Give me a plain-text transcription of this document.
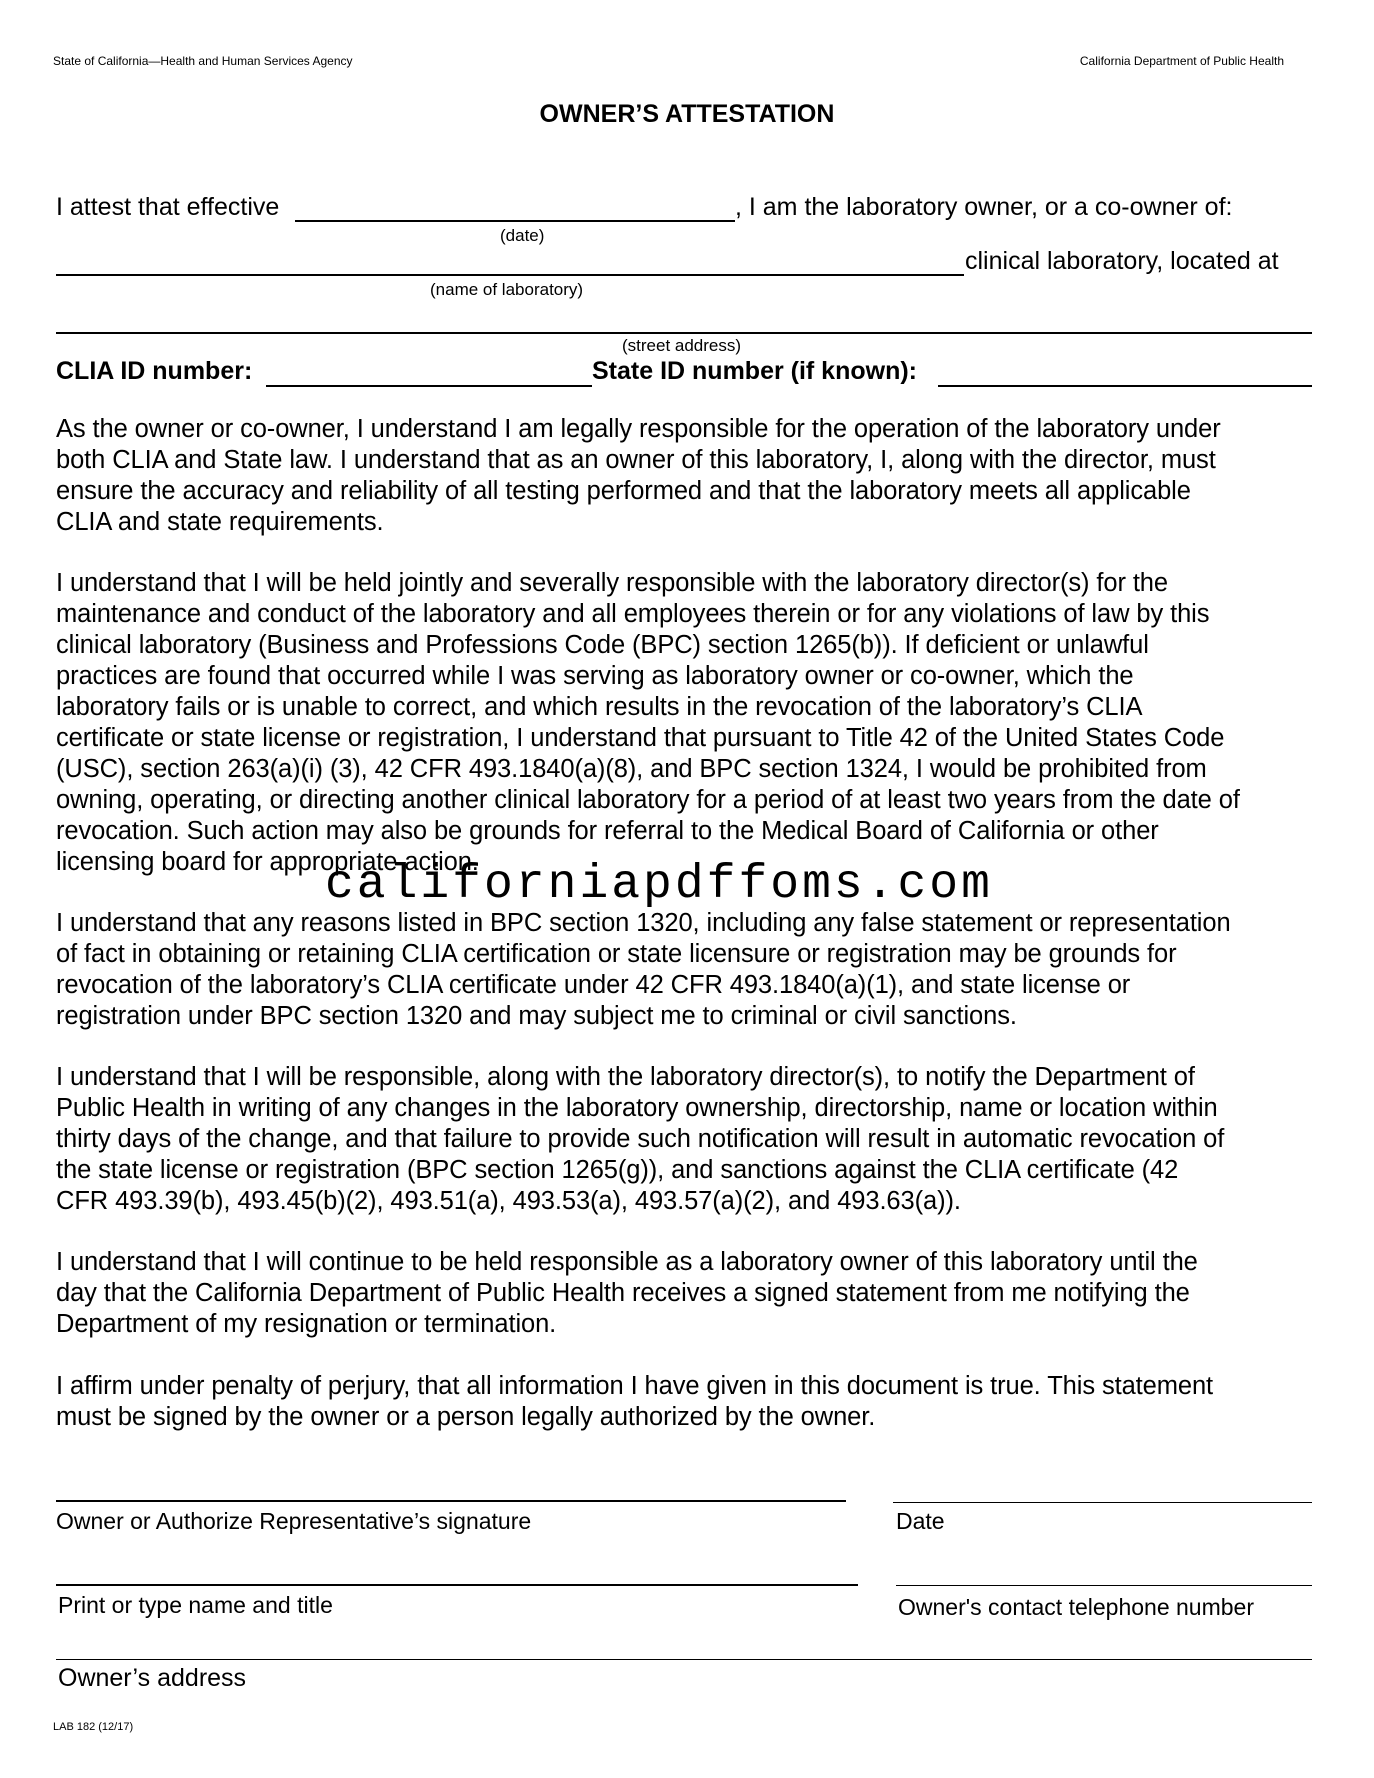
State of California—Health and Human Services Agency	California Department of Public Health
OWNER’S ATTESTATION
I attest that effective	, I am the laboratory owner, or a co-owner of:
(date)
clinical laboratory, located at
(name of laboratory)
(street address)
CLIA ID number:	State ID number (if known):
As the owner or co-owner, I understand I am legally responsible for the operation of the laboratory under
both CLIA and State law. I understand that as an owner of this laboratory, I, along with the director, must
ensure the accuracy and reliability of all testing performed and that the laboratory meets all applicable
CLIA and state requirements.
I understand that I will be held jointly and severally responsible with the laboratory director(s) for the
maintenance and conduct of the laboratory and all employees therein or for any violations of law by this
clinical laboratory (Business and Professions Code (BPC) section 1265(b)). If deficient or unlawful
practices are found that occurred while I was serving as laboratory owner or co-owner, which the
laboratory fails or is unable to correct, and which results in the revocation of the laboratory’s CLIA
certificate or state license or registration, I understand that pursuant to Title 42 of the United States Code
(USC), section 263(a)(i) (3), 42 CFR 493.1840(a)(8), and BPC section 1324, I would be prohibited from
owning, operating, or directing another clinical laboratory for a period of at least two years from the date of
revocation. Such action may also be grounds for referral to the Medical Board of California or other
licensing board for appropriate action.
californiapdffoms.com
I understand that any reasons listed in BPC section 1320, including any false statement or representation
of fact in obtaining or retaining CLIA certification or state licensure or registration may be grounds for
revocation of the laboratory’s CLIA certificate under 42 CFR 493.1840(a)(1), and state license or
registration under BPC section 1320 and may subject me to criminal or civil sanctions.
I understand that I will be responsible, along with the laboratory director(s), to notify the Department of
Public Health in writing of any changes in the laboratory ownership, directorship, name or location within
thirty days of the change, and that failure to provide such notification will result in automatic revocation of
the state license or registration (BPC section 1265(g)), and sanctions against the CLIA certificate (42
CFR 493.39(b), 493.45(b)(2), 493.51(a), 493.53(a), 493.57(a)(2), and 493.63(a)).
I understand that I will continue to be held responsible as a laboratory owner of this laboratory until the
day that the California Department of Public Health receives a signed statement from me notifying the
Department of my resignation or termination.
I affirm under penalty of perjury, that all information I have given in this document is true. This statement
must be signed by the owner or a person legally authorized by the owner.
Owner or Authorize Representative’s signature	Date
Print or type name and title	Owner's contact telephone number
Owner’s address
LAB 182 (12/17)
